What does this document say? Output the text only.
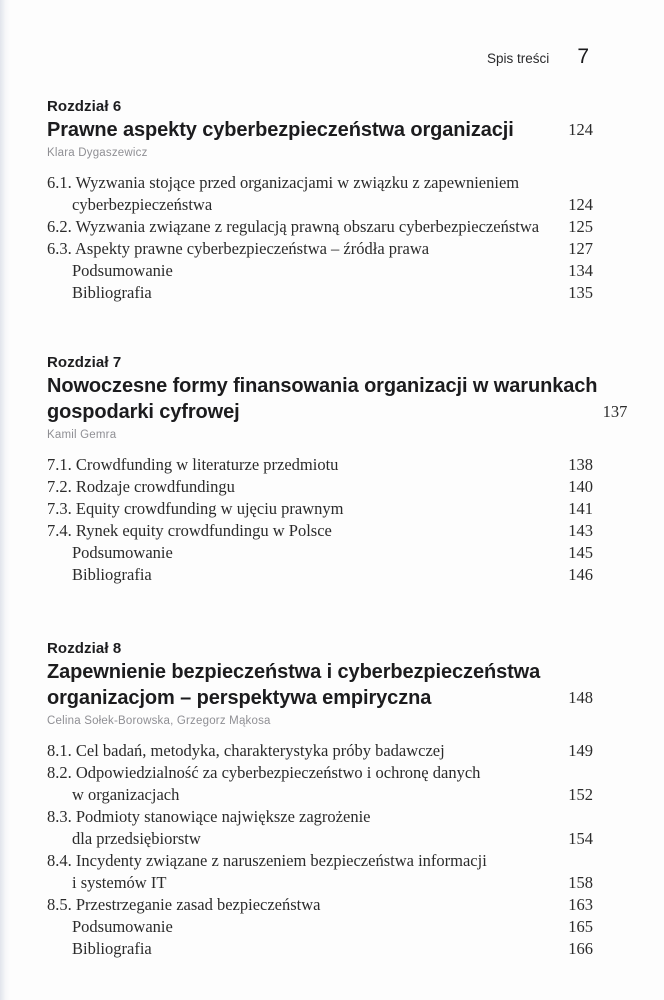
Spis treści 7
Rozdział 6
Prawne aspekty cyberbezpieczeństwa organizacji	124
Klara Dygaszewicz
6.1. Wyzwania stojące przed organizacjami w związku z zapewnieniem
cyberbezpieczeństwa	124
6.2. Wyzwania związane z regulacją prawną obszaru cyberbezpieczeństwa	125
6.3. Aspekty prawne cyberbezpieczeństwa – źródła prawa	127
Podsumowanie	134
Bibliografia	135
Rozdział 7
Nowoczesne formy finansowania organizacji w warunkach
gospodarki cyfrowej	137
Kamil Gemra
7.1. Crowdfunding w literaturze przedmiotu	138
7.2. Rodzaje crowdfundingu	140
7.3. Equity crowdfunding w ujęciu prawnym	141
7.4. Rynek equity crowdfundingu w Polsce	143
Podsumowanie	145
Bibliografia	146
Rozdział 8
Zapewnienie bezpieczeństwa i cyberbezpieczeństwa
organizacjom – perspektywa empiryczna	148
Celina Sołek-Borowska, Grzegorz Mąkosa
8.1. Cel badań, metodyka, charakterystyka próby badawczej	149
8.2. Odpowiedzialność za cyberbezpieczeństwo i ochronę danych
w organizacjach	152
8.3. Podmioty stanowiące największe zagrożenie
dla przedsiębiorstw	154
8.4. Incydenty związane z naruszeniem bezpieczeństwa informacji
i systemów IT	158
8.5. Przestrzeganie zasad bezpieczeństwa	163
Podsumowanie	165
Bibliografia	166
